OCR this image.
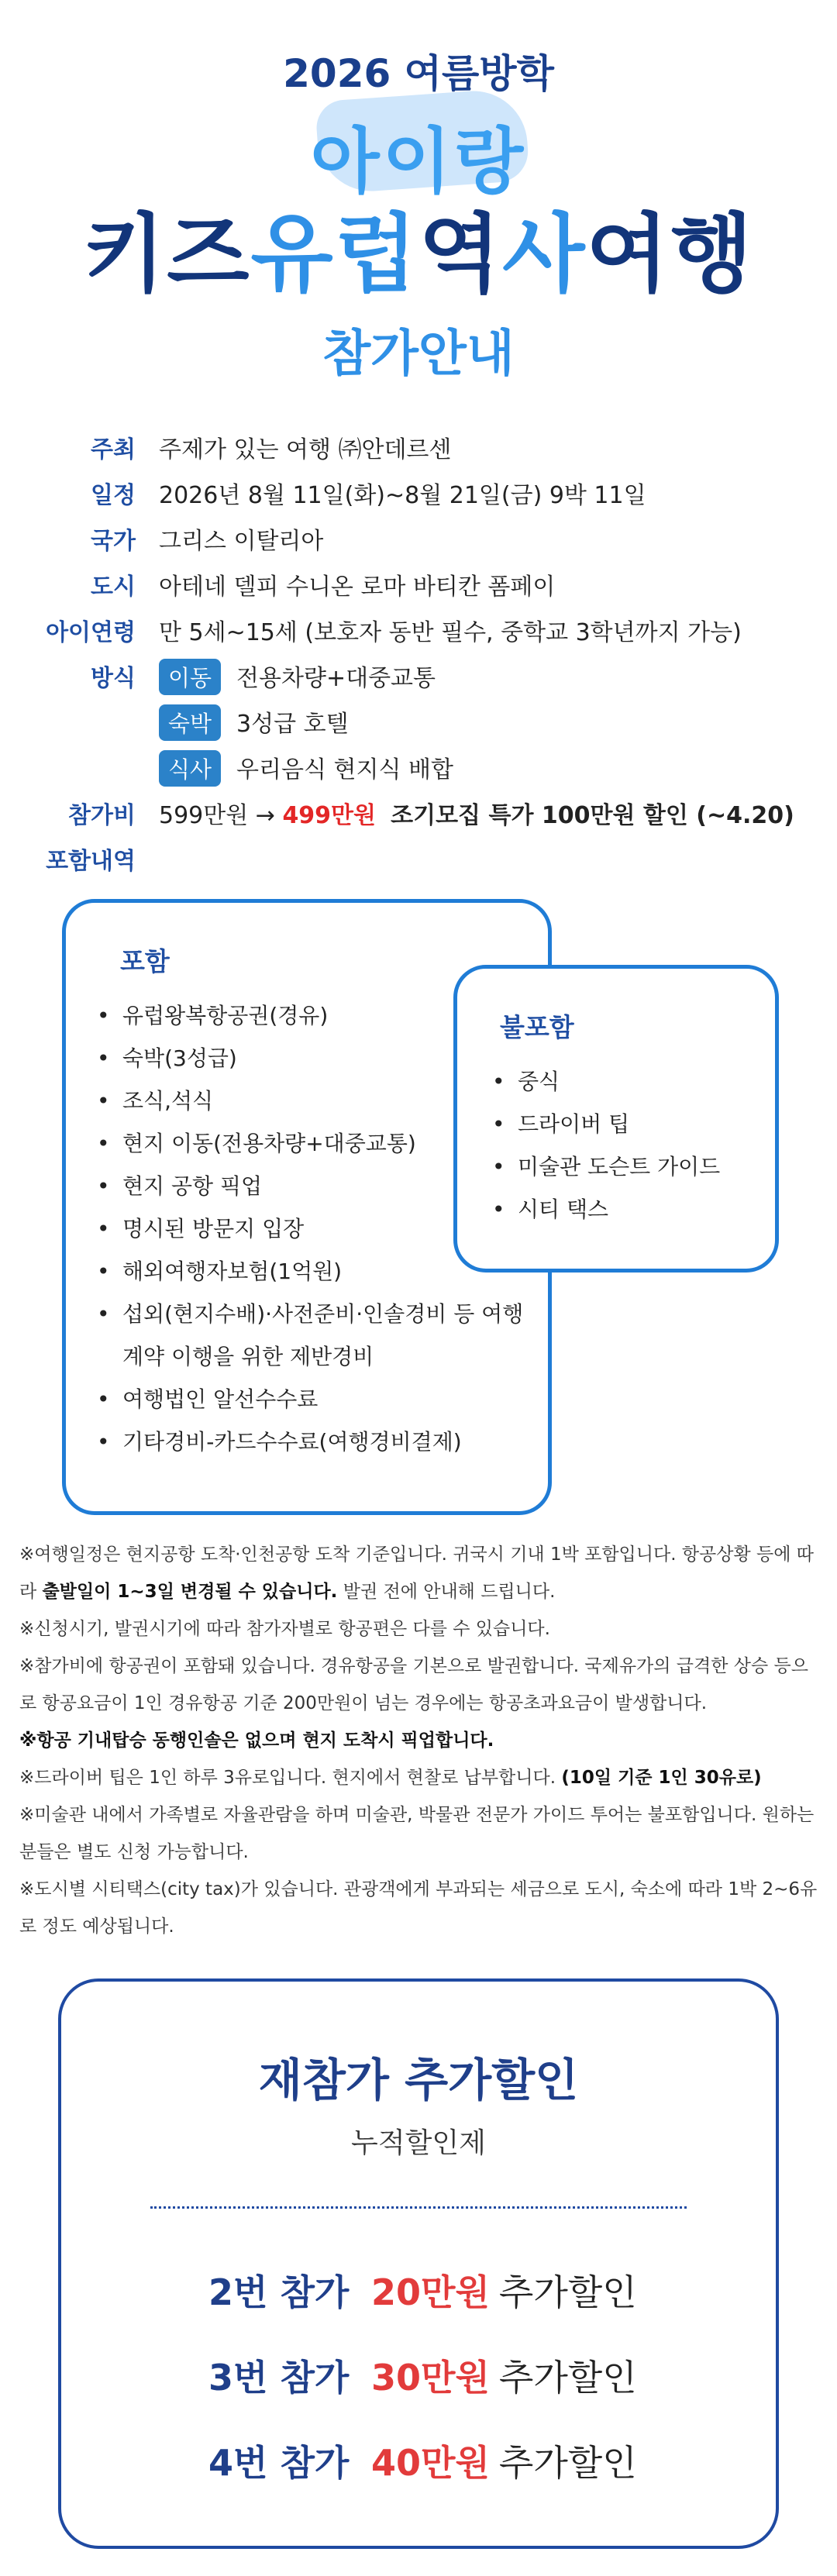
2026 여름방학
아이랑
키즈유럽역사여행
참가안내
주최 주제가 있는 여행 ㈜안데르센
일정 2026년 8월 11일(화)~8월 21일(금) 9박 11일
국가 그리스 이탈리아
도시 아테네 델피 수니온 로마 바티칸 폼페이
아이연령 만 5세~15세 (보호자 동반 필수, 중학교 3학년까지 가능)
방식	이동 전용차량+대중교통
숙박 3성급 호텔
식사 우리음식 현지식 배합
참가비 599만원 → 499만원 조기모집 특가 100만원 할인 (~4.20)
포함내역
포함
• 유럽왕복항공권(경유)
• 숙박(3성급)
• 조식,석식
• 현지 이동(전용차량+대중교통)
• 현지 공항 픽업
• 명시된 방문지 입장
• 해외여행자보험(1억원)
• 섭외(현지수배)·사전준비·인솔경비 등 여행계약 이행을 위한 제반경비
• 여행법인 알선수수료
• 기타경비-카드수수료(여행경비결제)
불포함
• 중식
• 드라이버 팁
• 미술관 도슨트 가이드
• 시티 택스

※여행일정은 현지공항 도착·인천공항 도착 기준입니다. 귀국시 기내 1박 포함입니다. 항공상황 등에 따라 출발일이 1~3일 변경될 수 있습니다. 발권 전에 안내해 드립니다.

※신청시기, 발권시기에 따라 참가자별로 항공편은 다를 수 있습니다.

※참가비에 항공권이 포함돼 있습니다. 경유항공을 기본으로 발권합니다. 국제유가의 급격한 상승 등으로 항공요금이 1인 경유항공 기준 200만원이 넘는 경우에는 항공초과요금이 발생합니다.

※항공 기내탑승 동행인솔은 없으며 현지 도착시 픽업합니다.

※드라이버 팁은 1인 하루 3유로입니다. 현지에서 현찰로 납부합니다. (10일 기준 1인 30유로)

※미술관 내에서 가족별로 자율관람을 하며 미술관, 박물관 전문가 가이드 투어는 불포함입니다. 원하는 분들은 별도 신청 가능합니다.

※도시별 시티택스(city tax)가 있습니다. 관광객에게 부과되는 세금으로 도시, 숙소에 따라 1박 2~6유로 정도 예상됩니다.

재참가 추가할인
누적할인제
2번 참가 20만원 추가할인
3번 참가 30만원 추가할인
4번 참가 40만원 추가할인
